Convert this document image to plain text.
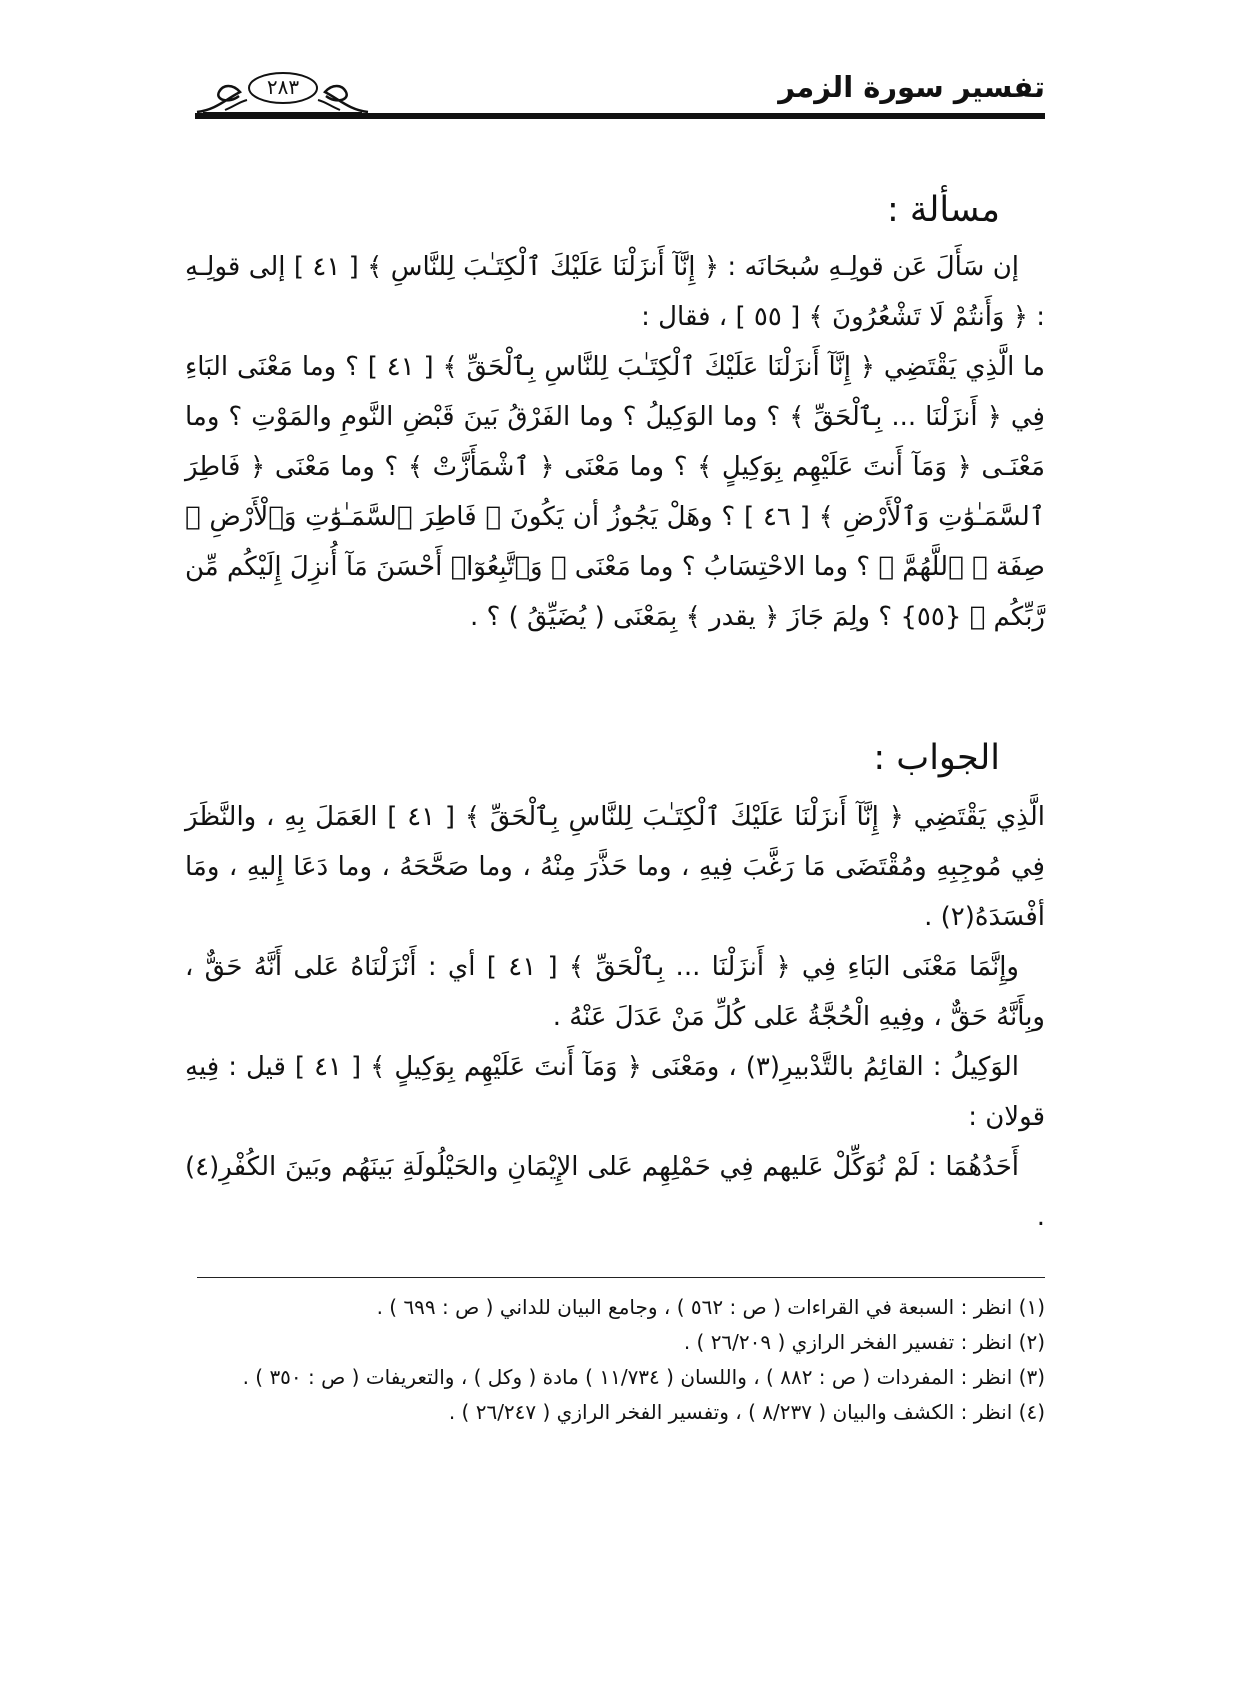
تفسير سورة الزمر
٢٨٣
مسألة :

إن سَأَلَ عَن قولِـهِ سُبحَانَه : ﴿ إِنَّآ أَنزَلْنَا عَلَيْكَ ٱلْكِتَـٰبَ لِلنَّاسِ ﴾ [ ٤١ ] إلى قولِـهِ : ﴿ وَأَنتُمْ لَا تَشْعُرُونَ ﴾ [ ٥٥ ] ، فقال :

ما الَّذِي يَقْتَضِي ﴿ إِنَّآ أَنزَلْنَا عَلَيْكَ ٱلْكِتَـٰبَ لِلنَّاسِ بِٱلْحَقِّ ﴾ [ ٤١ ] ؟ وما مَعْنَى البَاءِ فِي ﴿ أَنزَلْنَا ... بِٱلْحَقِّ ﴾ ؟ وما الوَكِيلُ ؟ وما الفَرْقُ بَينَ قَبْضِ النَّومِ والمَوْتِ ؟ وما مَعْنَـى ﴿ وَمَآ أَنتَ عَلَيْهِم بِوَكِيلٍ ﴾ ؟ وما مَعْنَى ﴿ ٱشْمَأَزَّتْ ﴾ ؟ وما مَعْنَى ﴿ فَاطِرَ ٱلسَّمَـٰوَٰتِ وَٱلْأَرْضِ ﴾ [ ٤٦ ] ؟ وهَلْ يَجُوزُ أن يَكُونَ ﴿ فَاطِرَ ٱلسَّمَـٰوَٰتِ وَٱلْأَرْضِ ﴾ صِفَة ﴿ ٱللَّهُمَّ ﴾ ؟ وما الاحْتِسَابُ ؟ وما مَعْنَى ﴿ وَٱتَّبِعُوٓا۟ أَحْسَنَ مَآ أُنزِلَ إِلَيْكُم مِّن رَّبِّكُم ﴾ {٥٥} ؟ ولِمَ جَازَ ﴿ يقدر ﴾ بِمَعْنَى ( يُضَيِّقُ ) ؟ .

الجواب :

الَّذِي يَقْتَضِي ﴿ إِنَّآ أَنزَلْنَا عَلَيْكَ ٱلْكِتَـٰبَ لِلنَّاسِ بِٱلْحَقِّ ﴾ [ ٤١ ] العَمَلَ بِهِ ، والنَّظَرَ فِي مُوجِبِهِ ومُقْتَضَى مَا رَغَّبَ فِيهِ ، وما حَذَّرَ مِنْهُ ، وما صَحَّحَهُ ، وما دَعَا إِليهِ ، ومَا أفْسَدَهُ(٢) .

وإِنَّمَا مَعْنَى البَاءِ فِي ﴿ أَنزَلْنَا ... بِٱلْحَقِّ ﴾ [ ٤١ ] أي : أَنْزَلْنَاهُ عَلى أَنَّهُ حَقٌّ ، وبِأَنَّهُ حَقٌّ ، وفِيهِ الْحُجَّةُ عَلى كُلِّ مَنْ عَدَلَ عَنْهُ .

الوَكِيلُ : القائِمُ بالتَّدْبيرِ(٣) ، ومَعْنَى ﴿ وَمَآ أَنتَ عَلَيْهِم بِوَكِيلٍ ﴾ [ ٤١ ] قيل : فِيهِ قولان :

أَحَدُهُمَا : لَمْ نُوَكِّلْ عَليهم فِي حَمْلِهِم عَلى الإِيْمَانِ والحَيْلُولَةِ بَينَهُم وبَينَ الكُفْرِ(٤) .

(١) انظر : السبعة في القراءات ( ص : ٥٦٢ ) ، وجامع البيان للداني ( ص : ٦٩٩ ) .

(٢) انظر : تفسير الفخر الرازي ( ٢٦/٢٠٩ ) .

(٣) انظر : المفردات ( ص : ٨٨٢ ) ، واللسان ( ١١/٧٣٤ ) مادة ( وكل ) ، والتعريفات ( ص : ٣٥٠ ) .

(٤) انظر : الكشف والبيان ( ٨/٢٣٧ ) ، وتفسير الفخر الرازي ( ٢٦/٢٤٧ ) .
